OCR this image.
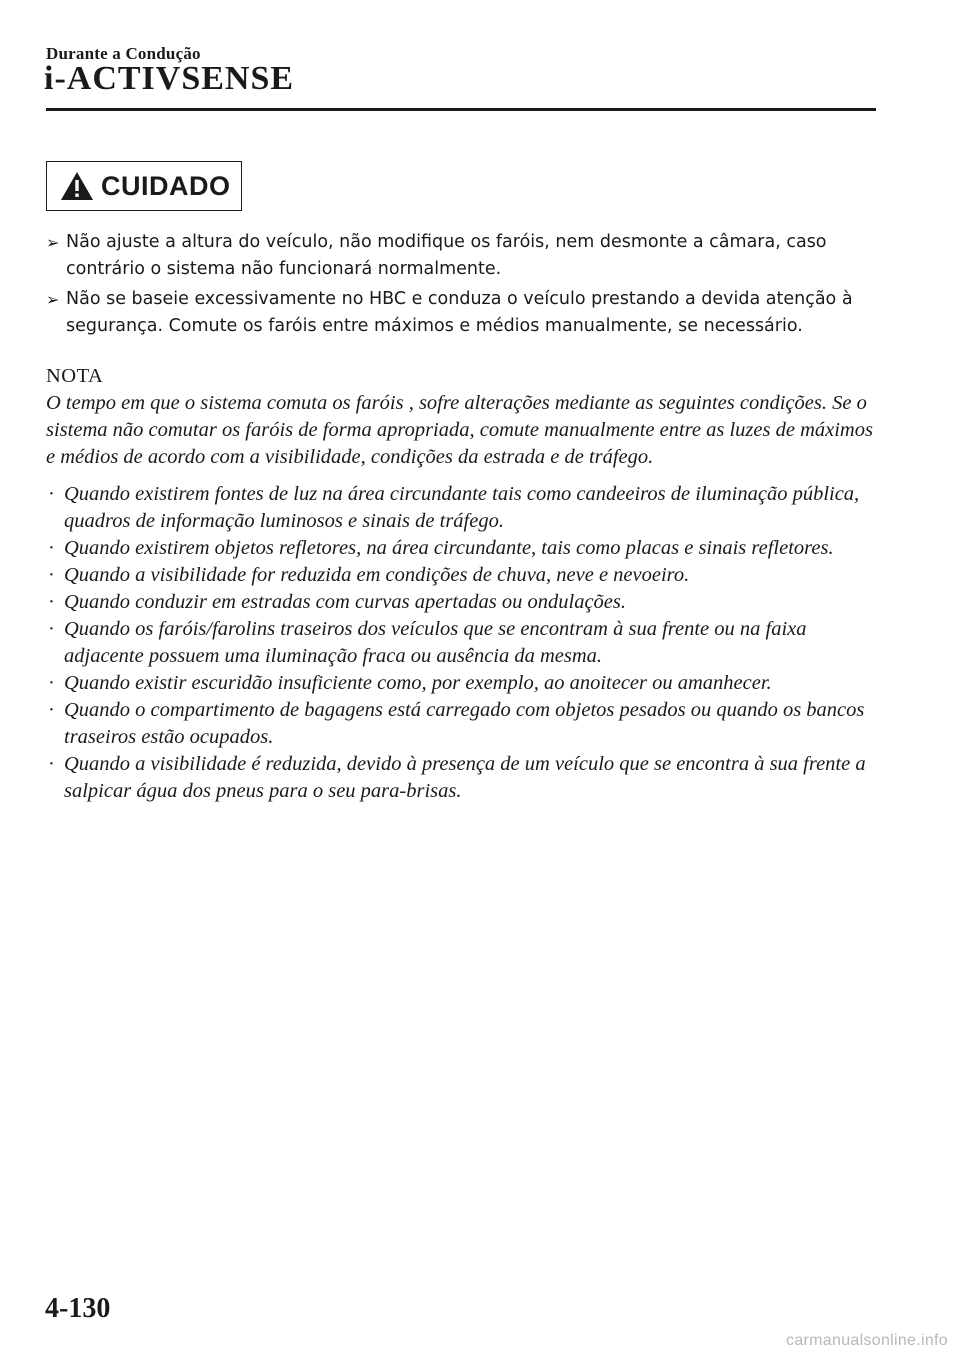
Durante a Condução
i-ACTIVSENSE
CUIDADO
➢ Não ajuste a altura do veículo, não modifique os faróis, nem desmonte a câmara, caso contrário o sistema não funcionará normalmente.
➢ Não se baseie excessivamente no HBC e conduza o veículo prestando a devida atenção à segurança. Comute os faróis entre máximos e médios manualmente, se necessário.
NOTA

O tempo em que o sistema comuta os faróis , sofre alterações mediante as seguintes condições. Se o sistema não comutar os faróis de forma apropriada, comute manualmente entre as luzes de máximos e médios de acordo com a visibilidade, condições da estrada e de tráfego.

· Quando existirem fontes de luz na área circundante tais como candeeiros de iluminação pública, quadros de informação luminosos e sinais de tráfego.
· Quando existirem objetos refletores, na área circundante, tais como placas e sinais refletores.
· Quando a visibilidade for reduzida em condições de chuva, neve e nevoeiro.
· Quando conduzir em estradas com curvas apertadas ou ondulações.
· Quando os faróis/farolins traseiros dos veículos que se encontram à sua frente ou na faixa adjacente possuem uma iluminação fraca ou ausência da mesma.
· Quando existir escuridão insuficiente como, por exemplo, ao anoitecer ou amanhecer.
· Quando o compartimento de bagagens está carregado com objetos pesados ou quando os bancos traseiros estão ocupados.
· Quando a visibilidade é reduzida, devido à presença de um veículo que se encontra à sua frente a salpicar água dos pneus para o seu para-brisas.
4-130
carmanualsonline.info
